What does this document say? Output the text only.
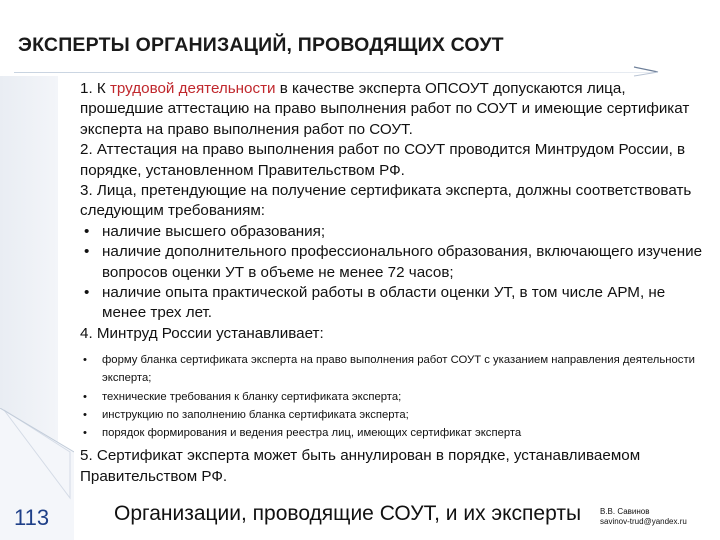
ЭКСПЕРТЫ ОРГАНИЗАЦИЙ, ПРОВОДЯЩИХ СОУТ

1. К трудовой деятельности в качестве эксперта ОПСОУТ допускаются лица, прошедшие аттестацию на право выполнения работ по СОУТ и имеющие сертификат эксперта на право выполнения работ по СОУТ.

2. Аттестация на право выполнения работ по СОУТ проводится Минтрудом России, в порядке, установленном Правительством РФ.

3. Лица, претендующие на получение сертификата эксперта, должны соответствовать следующим требованиям:

• наличие высшего образования;
• наличие дополнительного профессионального образования, включающего изучение вопросов оценки УТ в объеме не менее 72 часов;
• наличие опыта практической работы в области оценки УТ, в том числе АРМ, не менее трех лет.

4. Минтруд России устанавливает:

• форму бланка сертификата эксперта на право выполнения работ СОУТ с указанием направления деятельности эксперта;
• технические требования к бланку сертификата эксперта;
• инструкцию по заполнению бланка сертификата эксперта;
• порядок формирования и ведения реестра лиц, имеющих сертификат эксперта

5. Сертификат эксперта может быть аннулирован в порядке, устанавливаемом Правительством РФ.

113	Организации, проводящие СОУТ, и их эксперты В.В. Савинов
savinov-trud@yandex.ru
